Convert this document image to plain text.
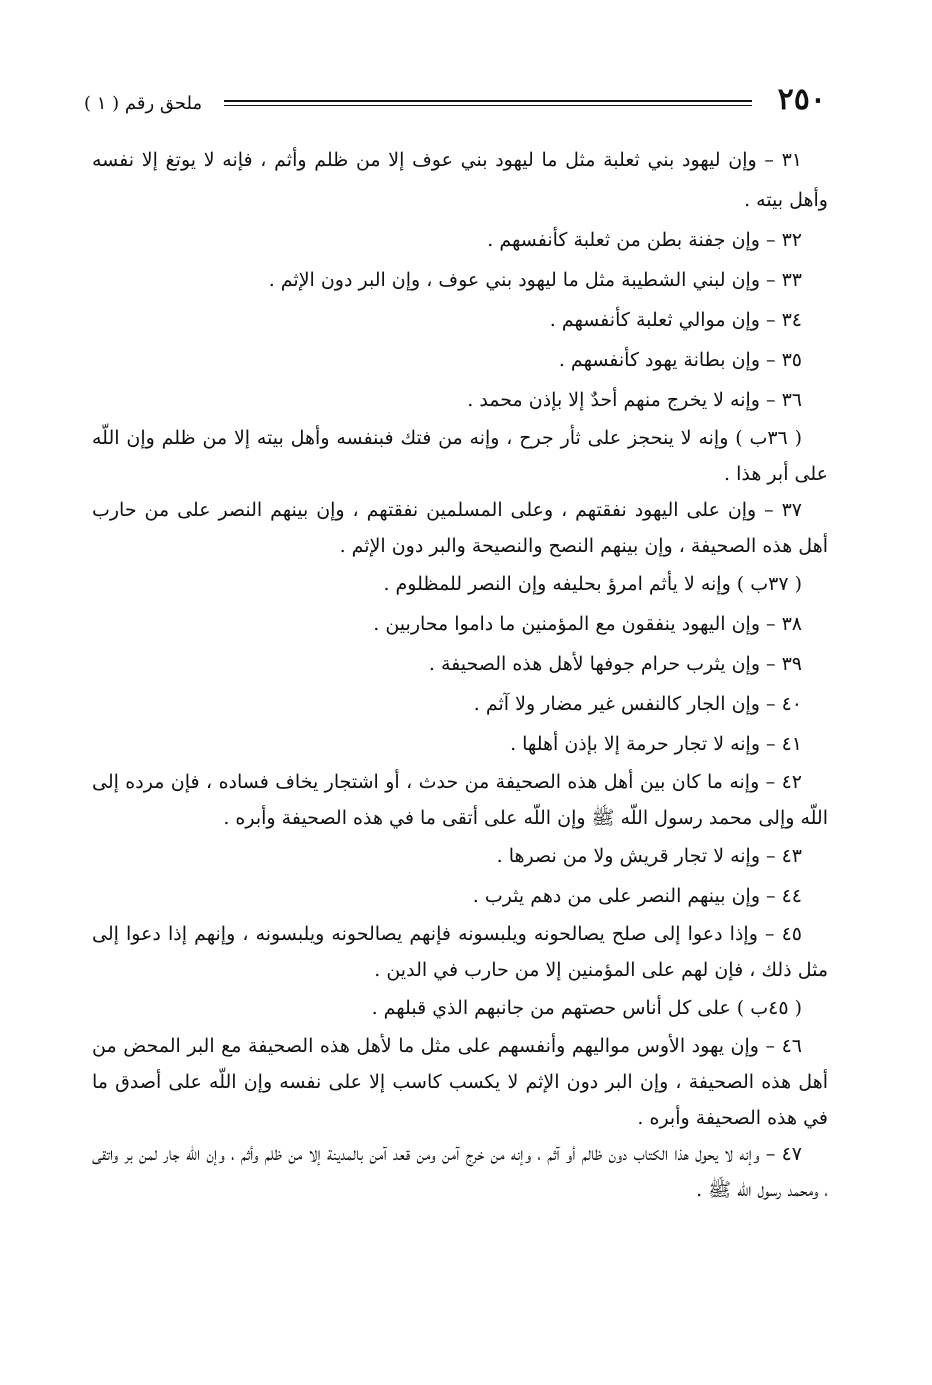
٢٥٠
ملحق رقم ( ١ )

٣١ – وإن ليهود بني ثعلبة مثل ما ليهود بني عوف إلا من ظلم وأثم ، فإنه لا يوتغ إلا نفسه وأهل بيته .

٣٢ – وإن جفنة بطن من ثعلبة كأنفسهم .

٣٣ – وإن لبني الشطيبة مثل ما ليهود بني عوف ، وإن البر دون الإثم .

٣٤ – وإن موالي ثعلبة كأنفسهم .

٣٥ – وإن بطانة يهود كأنفسهم .

٣٦ – وإنه لا يخرج منهم أحدٌ إلا بإذن محمد .

( ٣٦ب ) وإنه لا ينحجز على ثأر جرح ، وإنه من فتك فبنفسه وأهل بيته إلا من ظلم وإن اللّه على أبر هذا .

٣٧ – وإن على اليهود نفقتهم ، وعلى المسلمين نفقتهم ، وإن بينهم النصر على من حارب أهل هذه الصحيفة ، وإن بينهم النصح والنصيحة والبر دون الإثم .

( ٣٧ب ) وإنه لا يأثم امرؤ بحليفه وإن النصر للمظلوم .

٣٨ – وإن اليهود ينفقون مع المؤمنين ما داموا محاربين .

٣٩ – وإن يثرب حرام جوفها لأهل هذه الصحيفة .

٤٠ – وإن الجار كالنفس غير مضار ولا آثم .

٤١ – وإنه لا تجار حرمة إلا بإذن أهلها .

٤٢ – وإنه ما كان بين أهل هذه الصحيفة من حدث ، أو اشتجار يخاف فساده ، فإن مرده إلى اللّه وإلى محمد رسول اللّه ﷺ وإن اللّه على أتقى ما في هذه الصحيفة وأبره .

٤٣ – وإنه لا تجار قريش ولا من نصرها .

٤٤ – وإن بينهم النصر على من دهم يثرب .

٤٥ – وإذا دعوا إلى صلح يصالحونه ويلبسونه فإنهم يصالحونه ويلبسونه ، وإنهم إذا دعوا إلى مثل ذلك ، فإن لهم على المؤمنين إلا من حارب في الدين .

( ٤٥ب ) على كل أناس حصتهم من جانبهم الذي قبلهم .

٤٦ – وإن يهود الأوس مواليهم وأنفسهم على مثل ما لأهل هذه الصحيفة مع البر المحض من أهل هذه الصحيفة ، وإن البر دون الإثم لا يكسب كاسب إلا على نفسه وإن اللّه على أصدق ما في هذه الصحيفة وأبره .

٤٧ – وإنه لا يحول هذا الكتاب دون ظالم أو آثم ، وإنه من خرج آمن ومن قعد آمن بالمدينة إلا من ظلم وأثم ، وإن اللّه جار لمن بر واتقى ، ومحمد رسول اللّه ﷺ .
